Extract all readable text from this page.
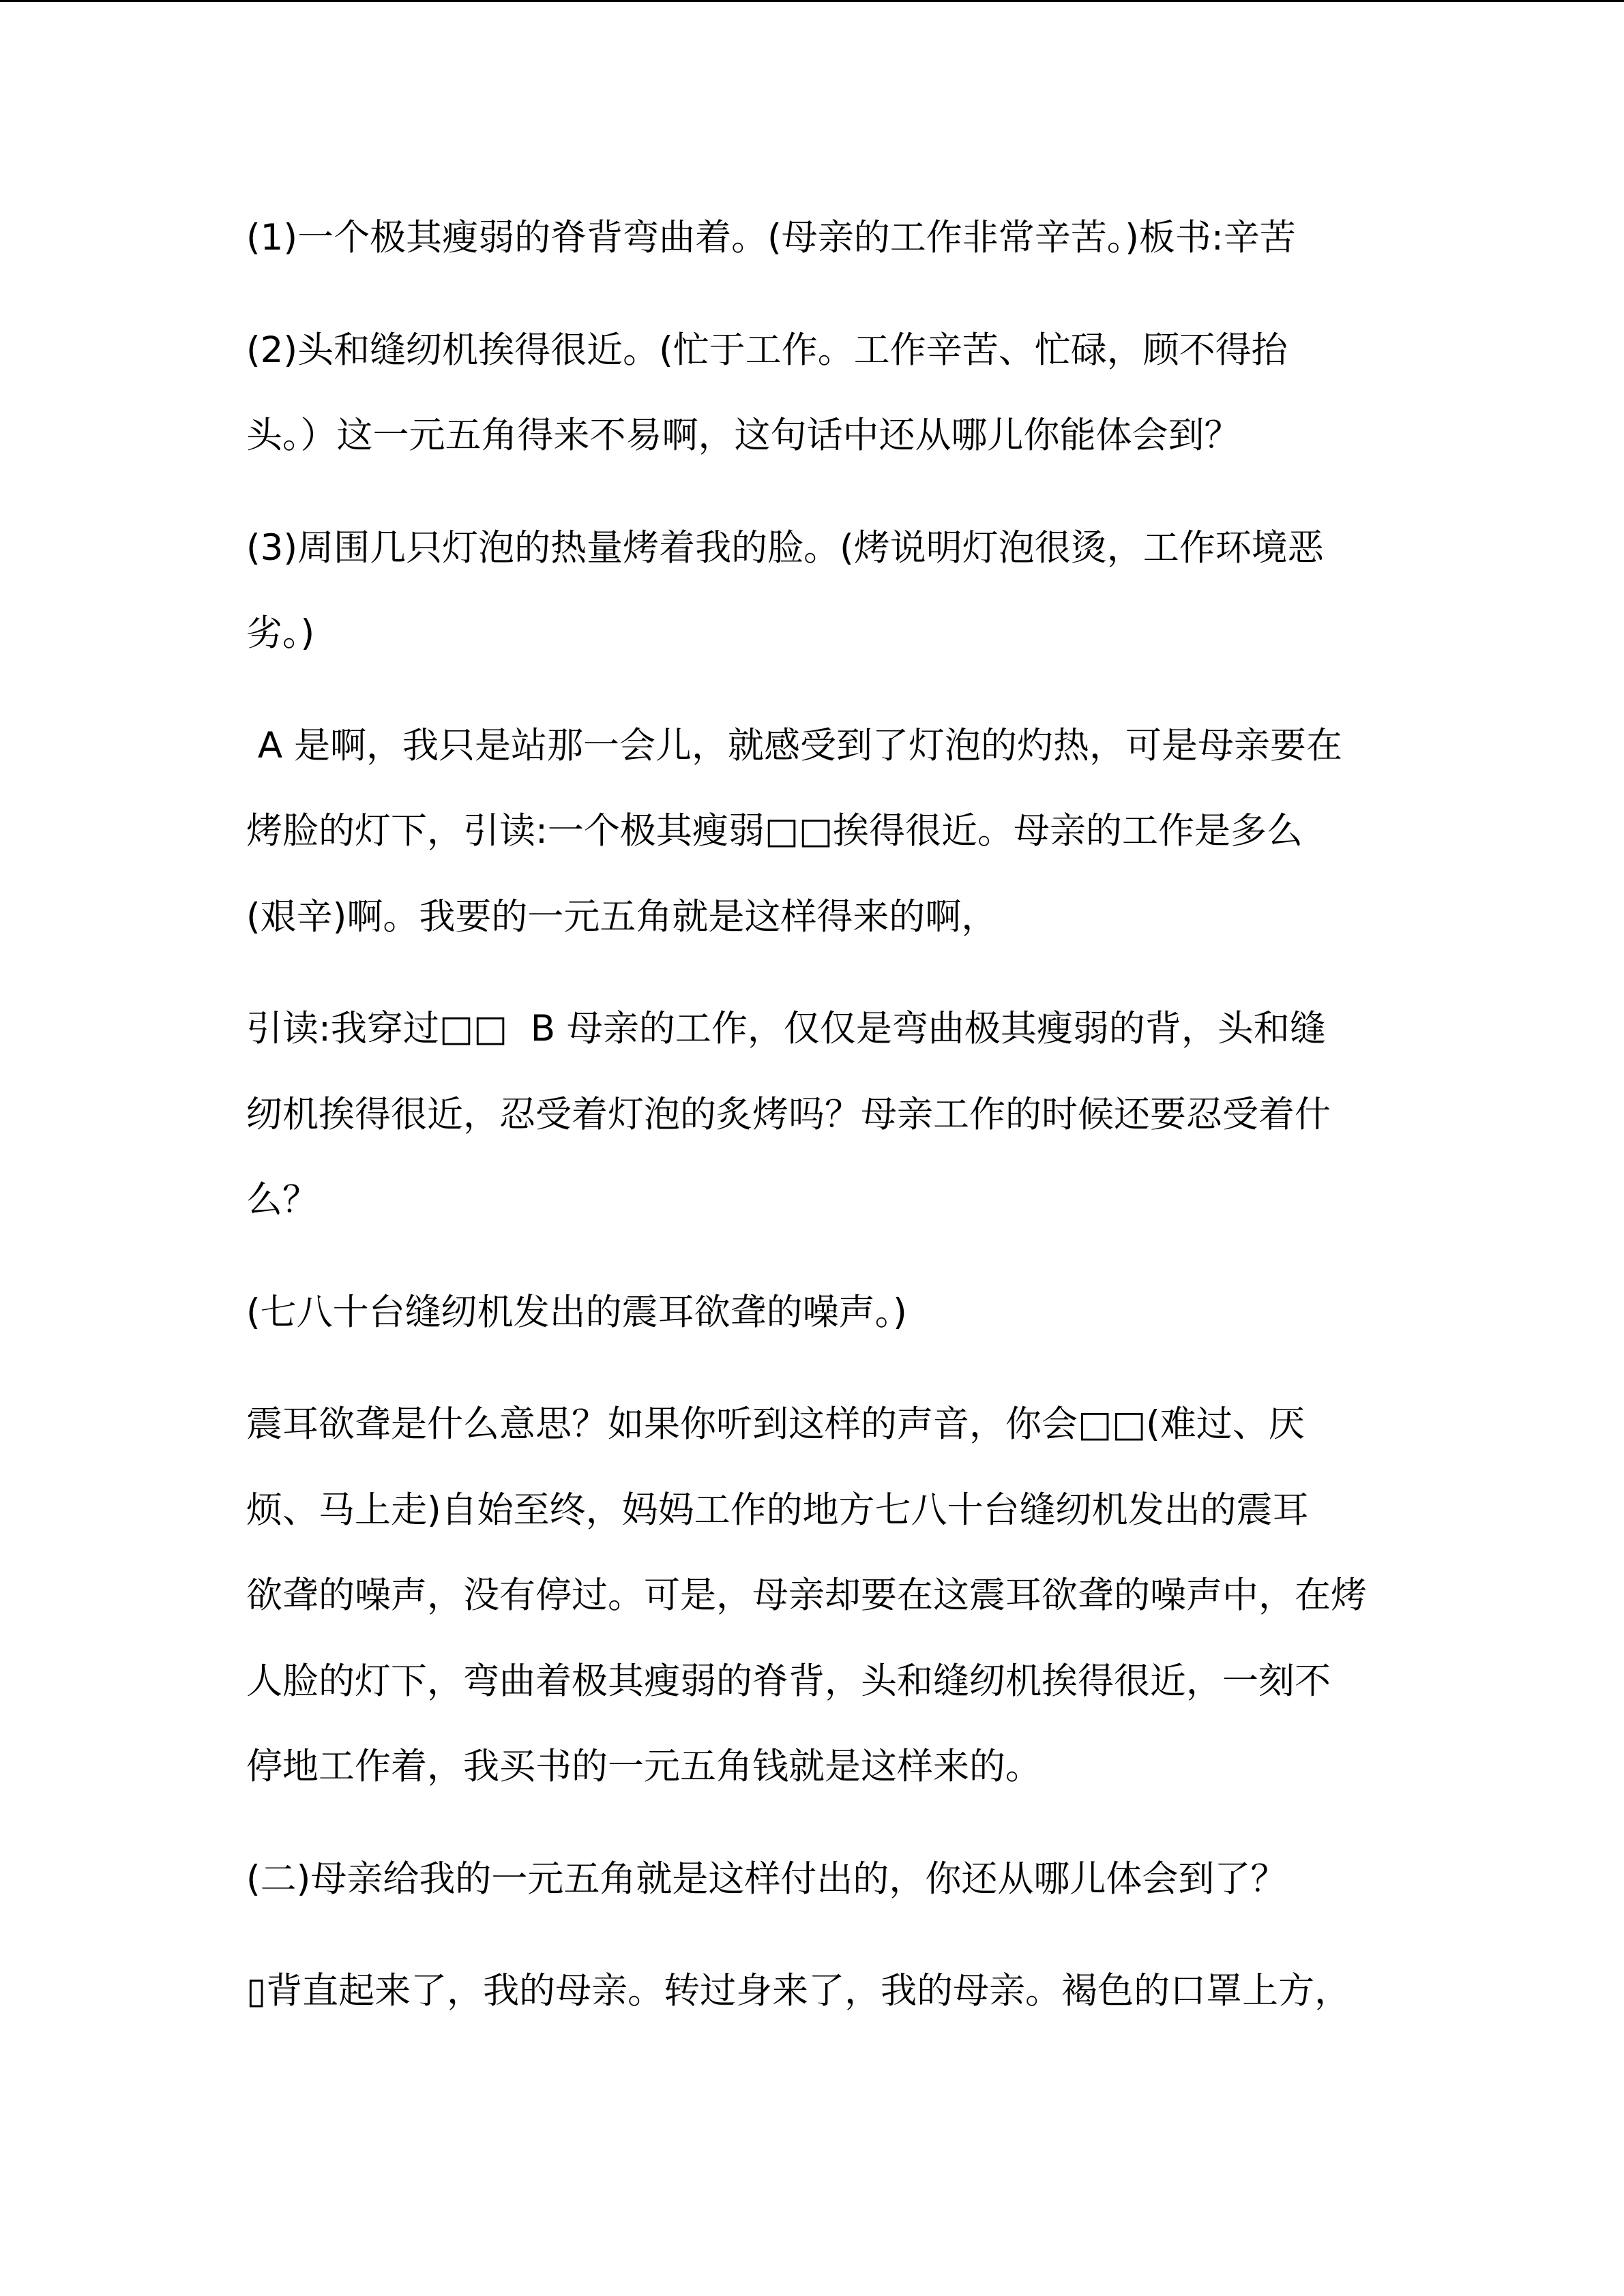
(1)一个极其瘦弱的脊背弯曲着。(母亲的工作非常辛苦。)板书:辛苦
(2)头和缝纫机挨得很近。(忙于工作。工作辛苦、忙碌，顾不得抬
头。）这一元五角得来不易啊，这句话中还从哪儿你能体会到？
(3)周围几只灯泡的热量烤着我的脸。(烤说明灯泡很烫，工作环境恶
劣。)
A 是啊，我只是站那一会儿，就感受到了灯泡的灼热，可是母亲要在
烤脸的灯下，引读:一个极其瘦弱□□挨得很近。母亲的工作是多么
(艰辛)啊。我要的一元五角就是这样得来的啊，
引读:我穿过□□  B 母亲的工作，仅仅是弯曲极其瘦弱的背，头和缝
纫机挨得很近，忍受着灯泡的炙烤吗？母亲工作的时候还要忍受着什
么？
(七八十台缝纫机发出的震耳欲聋的噪声。)
震耳欲聋是什么意思？如果你听到这样的声音，你会□□(难过、厌
烦、马上走)自始至终，妈妈工作的地方七八十台缝纫机发出的震耳
欲聋的噪声，没有停过。可是，母亲却要在这震耳欲聋的噪声中，在烤
人脸的灯下，弯曲着极其瘦弱的脊背，头和缝纫机挨得很近，一刻不
停地工作着，我买书的一元五角钱就是这样来的。
(二)母亲给我的一元五角就是这样付出的，你还从哪儿体会到了？
▯背直起来了，我的母亲。转过身来了，我的母亲。褐色的口罩上方，
